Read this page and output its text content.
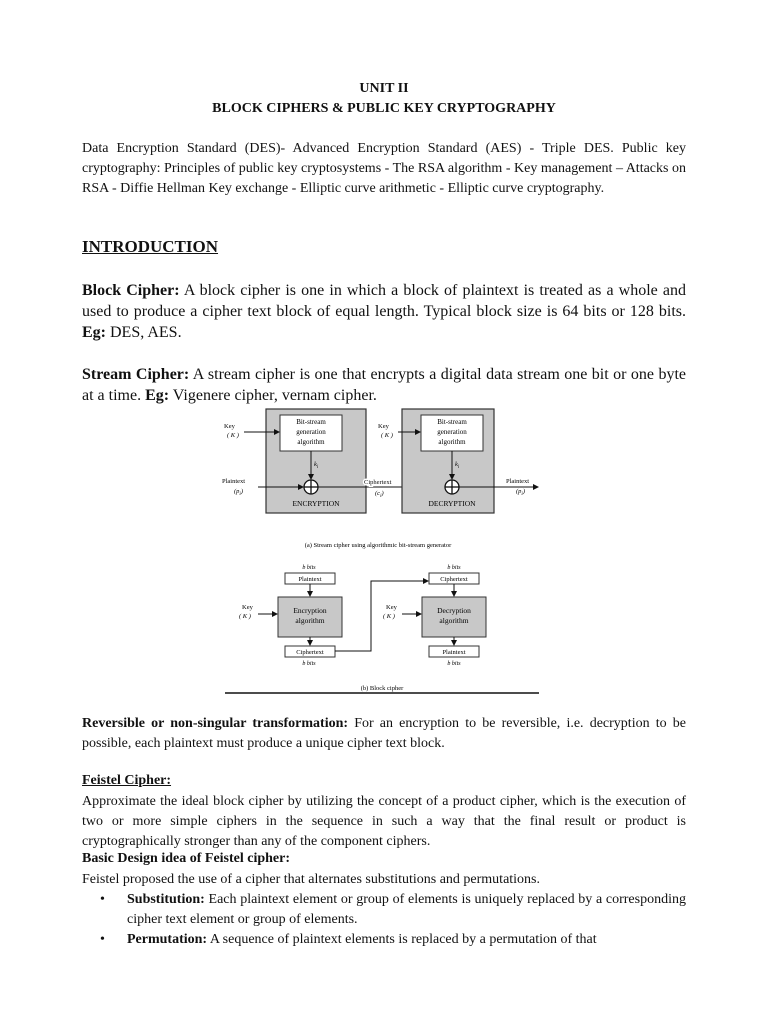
UNIT II
BLOCK CIPHERS & PUBLIC KEY CRYPTOGRAPHY
Data Encryption Standard (DES)- Advanced Encryption Standard (AES) - Triple DES. Public key cryptography: Principles of public key cryptosystems - The RSA algorithm - Key management – Attacks on RSA - Diffie Hellman Key exchange - Elliptic curve arithmetic - Elliptic curve cryptography.
INTRODUCTION
Block Cipher: A block cipher is one in which a block of plaintext is treated as a whole and used to produce a cipher text block of equal length. Typical block size is 64 bits or 128 bits. Eg: DES, AES.
Stream Cipher: A stream cipher is one that encrypts a digital data stream one bit or one byte at a time. Eg: Vigenere cipher, vernam cipher.
Bit-stream
generation
algorithm
$k_i$
ENCRYPTION
Key
( K )
Plaintext
$(p_i)$
Ciphertext
$(c_i)$
Bit-stream
generation
algorithm
$k_i$
DECRYPTION
Key
( K )
Plaintext
$(p_i)$
(a) Stream cipher using algorithmic bit-stream generator
b bits
Plaintext
Encryption
algorithm
Ciphertext
b bits
Key
( K )
b bits
Ciphertext
Decryption
algorithm
Plaintext
b bits
Key
( K )
(b) Block cipher
Reversible or non-singular transformation: For an encryption to be reversible, i.e. decryption to be possible, each plaintext must produce a unique cipher text block.
Feistel Cipher:
Approximate the ideal block cipher by utilizing the concept of a product cipher, which is the execution of two or more simple ciphers in the sequence in such a way that the final result or product is cryptographically stronger than any of the component ciphers.
Basic Design idea of Feistel cipher:
Feistel proposed the use of a cipher that alternates substitutions and permutations.
• Substitution: Each plaintext element or group of elements is uniquely replaced by a corresponding cipher text element or group of elements.
• Permutation: A sequence of plaintext elements is replaced by a permutation of that
